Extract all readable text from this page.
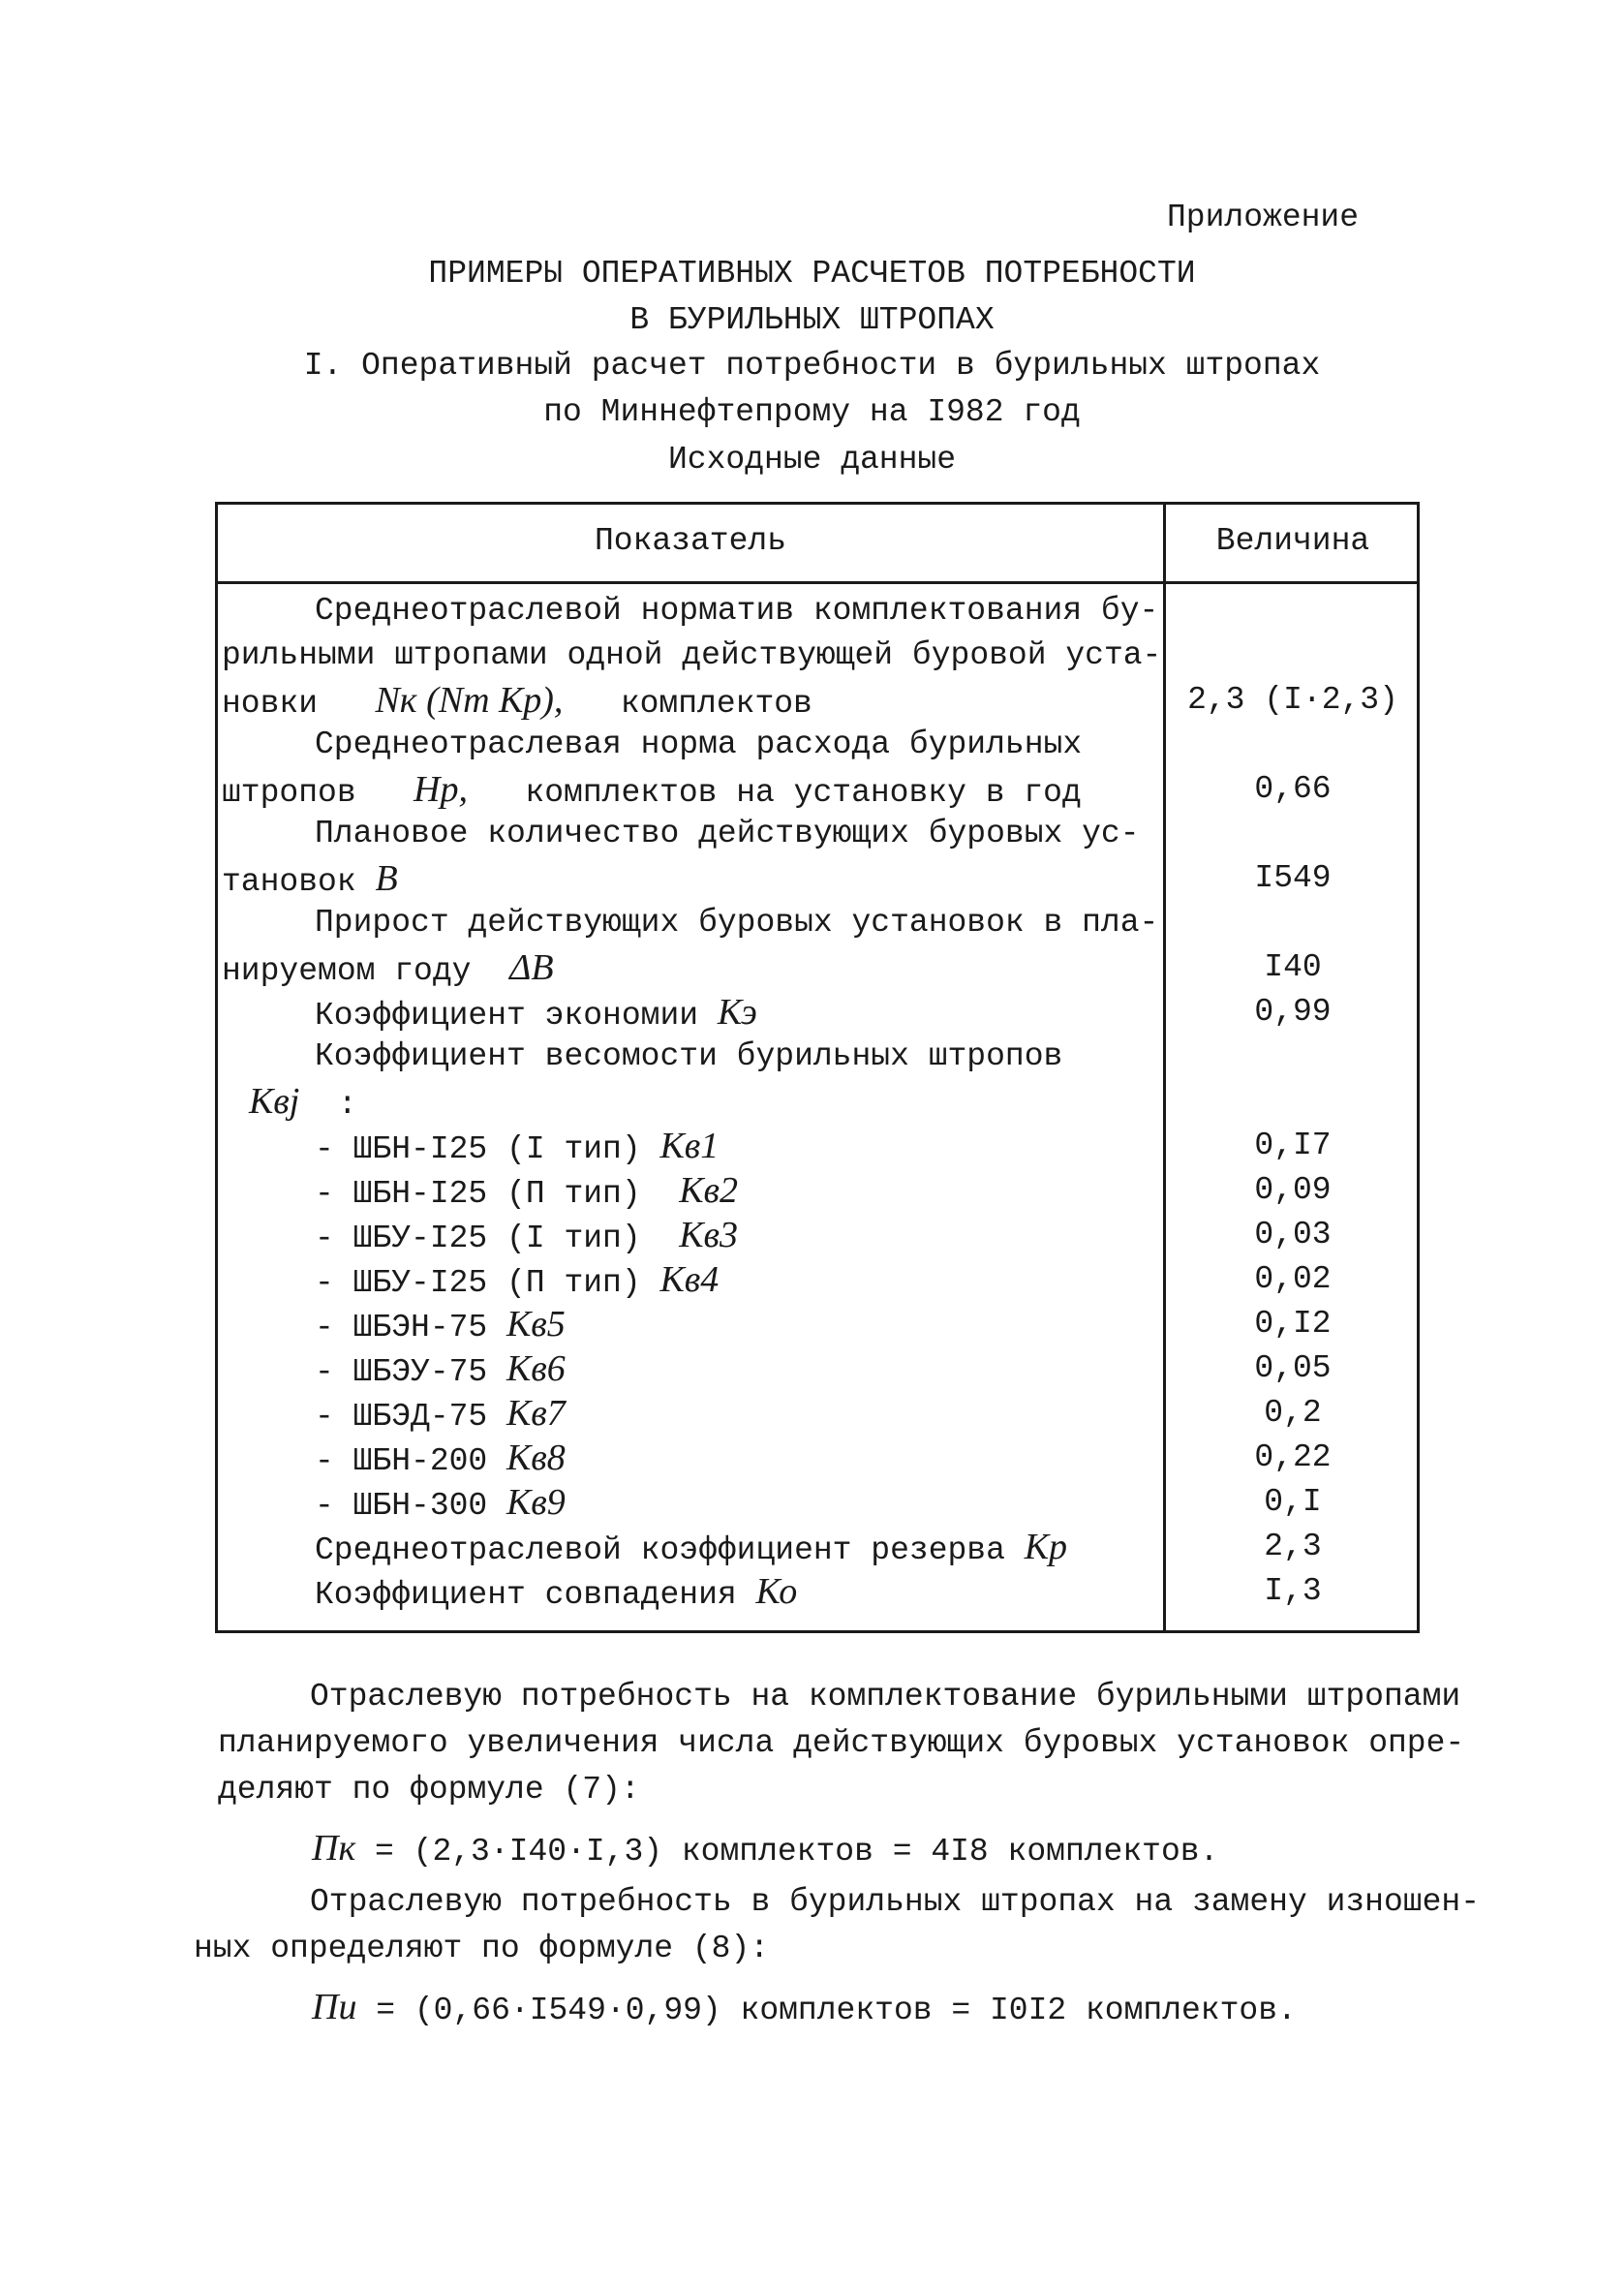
Приложение
ПРИМЕРЫ ОПЕРАТИВНЫХ РАСЧЕТОВ ПОТРЕБНОСТИ
В БУРИЛЬНЫХ ШТРОПАХ
I. Оперативный расчет потребности в бурильных штропах
по Миннефтепрому на I982 год
Исходные данные
Показатель	Величина
Среднеотраслевой норматив комплектования бу-
рильными штропами одной действующей буровой уста-
новки Nк (Nт Кр), комплектов	2,3 (I·2,3)
Среднеотраслевая норма расхода бурильных
штропов Hр, комплектов на установку в год	0,66
Плановое количество действующих буровых ус-
тановок B	I549
Прирост действующих буровых установок в пла-
нируемом году ΔB	I40
Коэффициент экономии Кэ	0,99
Коэффициент весомости бурильных штропов
Квj :
- ШБН-I25 (I тип) Кв1	0,I7
- ШБН-I25 (П тип) Кв2	0,09
- ШБУ-I25 (I тип) Кв3	0,03
- ШБУ-I25 (П тип) Кв4	0,02
- ШБЭН-75 Кв5	0,I2
- ШБЭУ-75 Кв6	0,05
- ШБЭД-75 Кв7	0,2
- ШБН-200 Кв8	0,22
- ШБН-300 Кв9	0,I
Среднеотраслевой коэффициент резерва Кр	2,3
Коэффициент совпадения Ко	I,3
Отраслевую потребность на комплектование бурильными штропами
планируемого увеличения числа действующих буровых установок опре-
деляют по формуле (7):
Пк = (2,3·I40·I,3) комплектов = 4I8 комплектов.
Отраслевую потребность в бурильных штропах на замену изношен-
ных определяют по формуле (8):
Пи = (0,66·I549·0,99) комплектов = I0I2 комплектов.
